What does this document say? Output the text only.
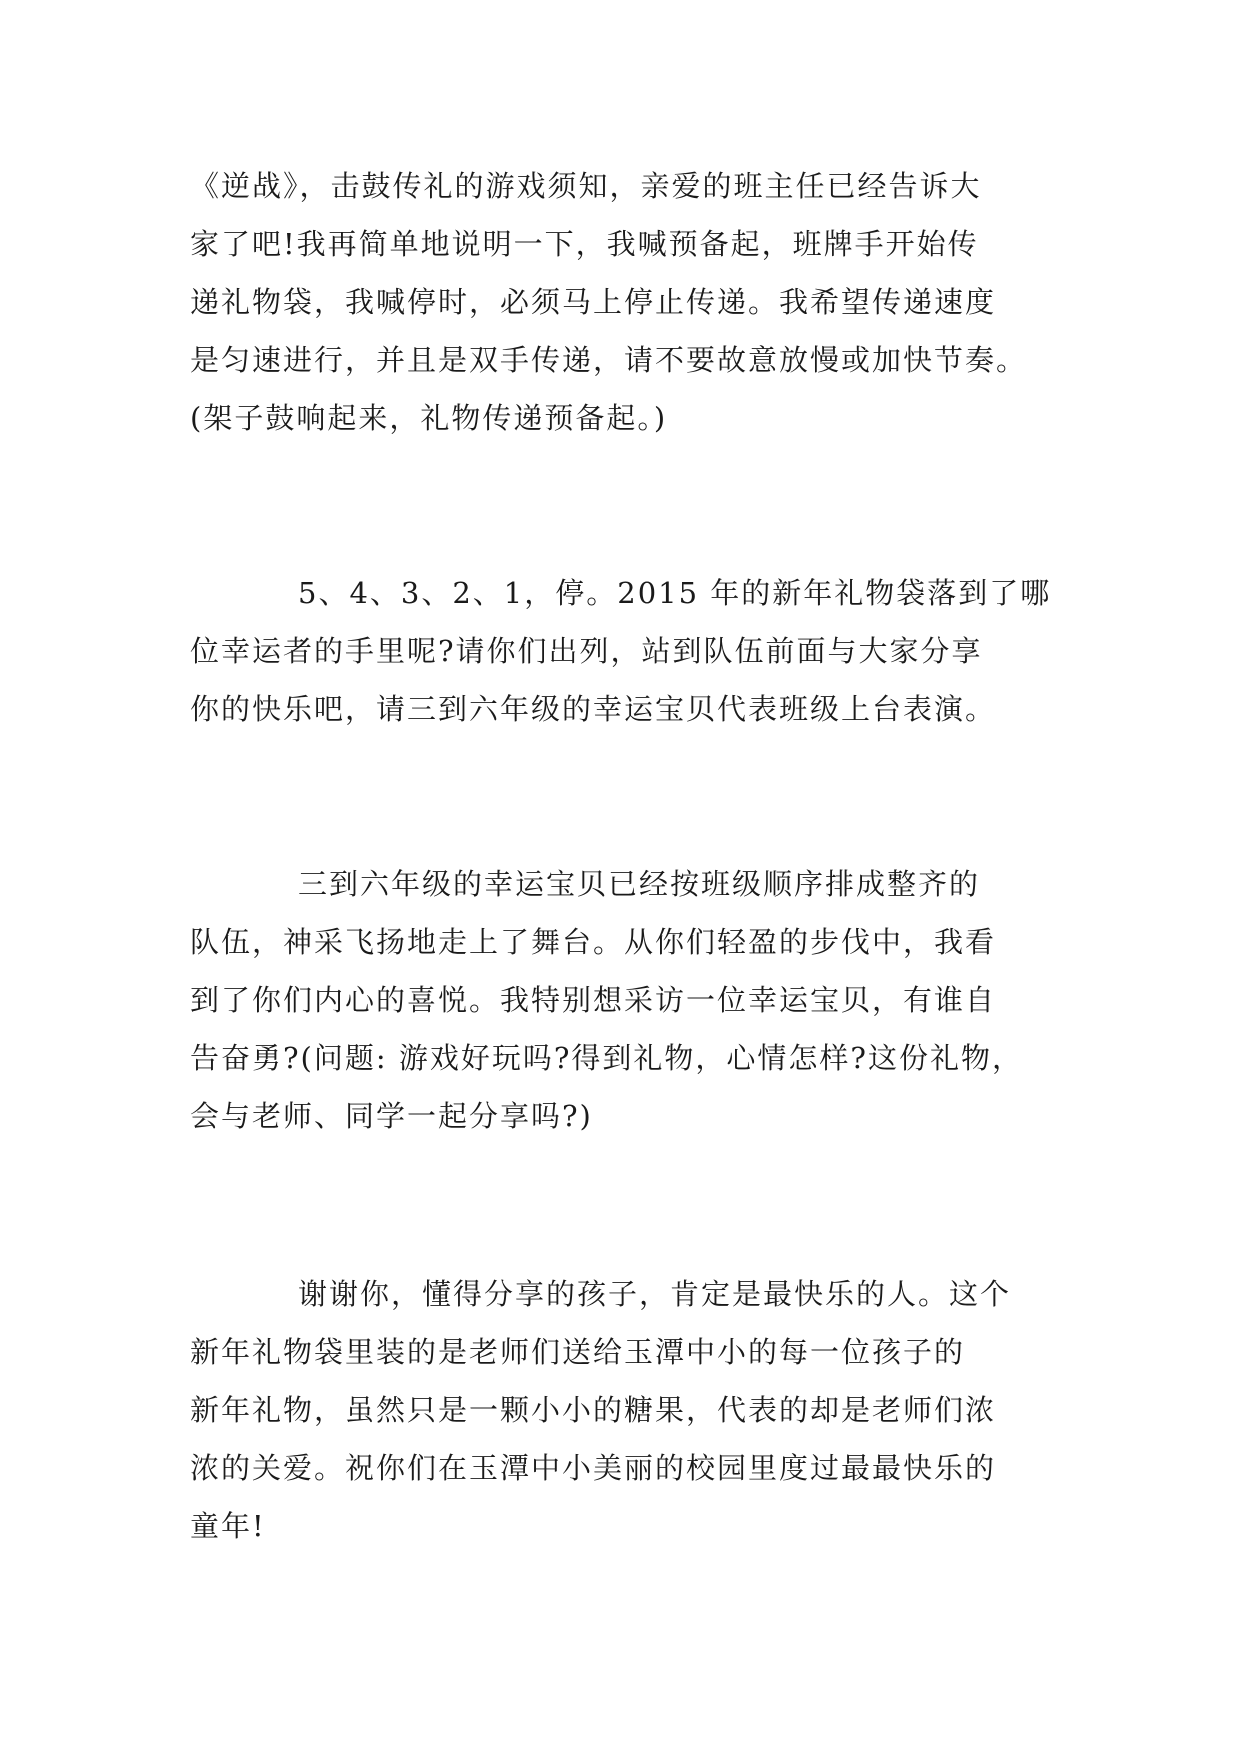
《逆战》，击鼓传礼的游戏须知，亲爱的班主任已经告诉大
家了吧!我再简单地说明一下，我喊预备起，班牌手开始传
递礼物袋，我喊停时，必须马上停止传递。我希望传递速度
是匀速进行，并且是双手传递，请不要故意放慢或加快节奏。
(架子鼓响起来，礼物传递预备起。)
5、4、3、2、1，停。2015 年的新年礼物袋落到了哪
位幸运者的手里呢?请你们出列，站到队伍前面与大家分享
你的快乐吧，请三到六年级的幸运宝贝代表班级上台表演。
三到六年级的幸运宝贝已经按班级顺序排成整齐的
队伍，神采飞扬地走上了舞台。从你们轻盈的步伐中，我看
到了你们内心的喜悦。我特别想采访一位幸运宝贝，有谁自
告奋勇?(问题: 游戏好玩吗?得到礼物，心情怎样?这份礼物，
会与老师、同学一起分享吗?)
谢谢你，懂得分享的孩子，肯定是最快乐的人。这个
新年礼物袋里装的是老师们送给玉潭中小的每一位孩子的
新年礼物，虽然只是一颗小小的糖果，代表的却是老师们浓
浓的关爱。祝你们在玉潭中小美丽的校园里度过最最快乐的
童年!
